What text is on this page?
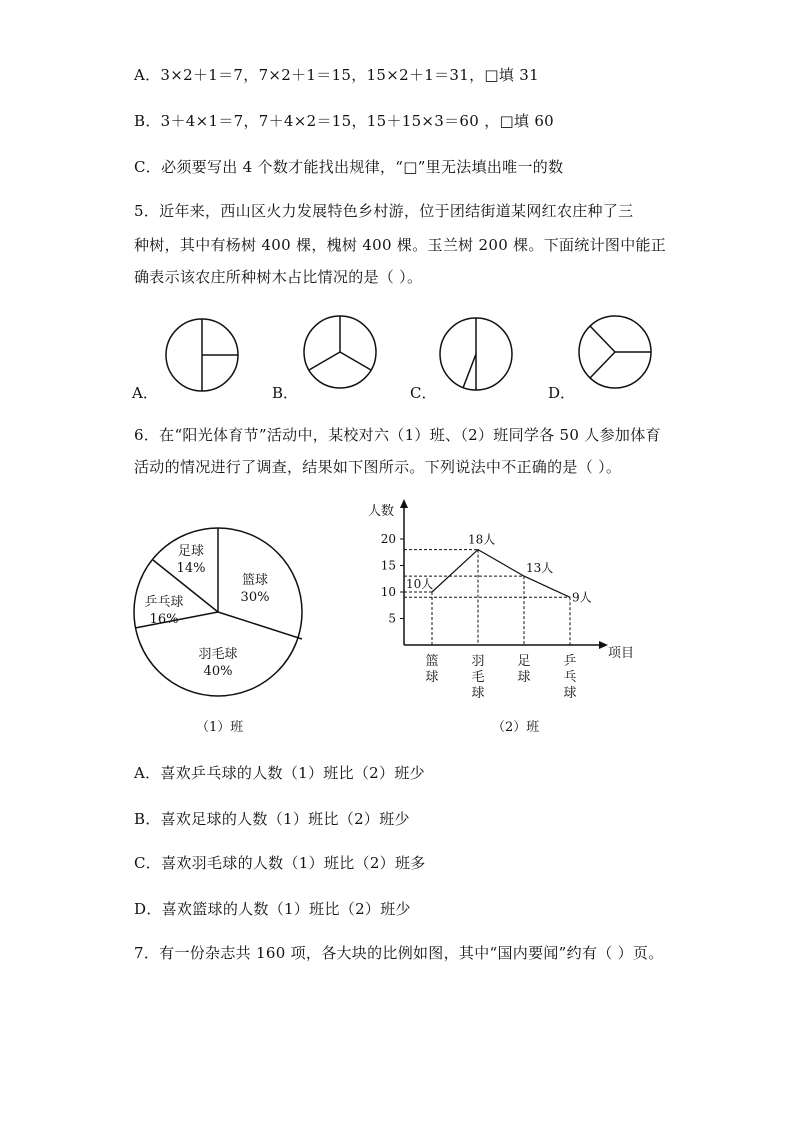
A．3×2＋1＝7，7×2＋1＝15，15×2＋1＝31，□填 31
B．3＋4×1＝7，7＋4×2＝15，15＋15×3＝60 ，□填 60
C．必须要写出 4 个数才能找出规律，“□”里无法填出唯一的数
5．近年来，西山区火力发展特色乡村游，位于团结街道某网红农庄种了三
种树，其中有杨树 400 棵，槐树 400 棵。玉兰树 200 棵。下面统计图中能正
确表示该农庄所种树木占比情况的是（ ）。
A．	B．	C．	D．
6．在“阳光体育节”活动中，某校对六（1）班、（2）班同学各 50 人参加体育
活动的情况进行了调查，结果如下图所示。下列说法中不正确的是（ ）。
篮球
30%
羽毛球
40%
乒乓球
16%
足球
14%
（1）班
人数
项目
5
10
15
20
10人
18人
13人
9人
篮球
羽毛球
足球
乒乓球
（2）班
A．喜欢乒乓球的人数（1）班比（2）班少
B．喜欢足球的人数（1）班比（2）班少
C．喜欢羽毛球的人数（1）班比（2）班多
D．喜欢篮球的人数（1）班比（2）班少
7．有一份杂志共 160 项，各大块的比例如图，其中“国内要闻”约有（ ）页。
